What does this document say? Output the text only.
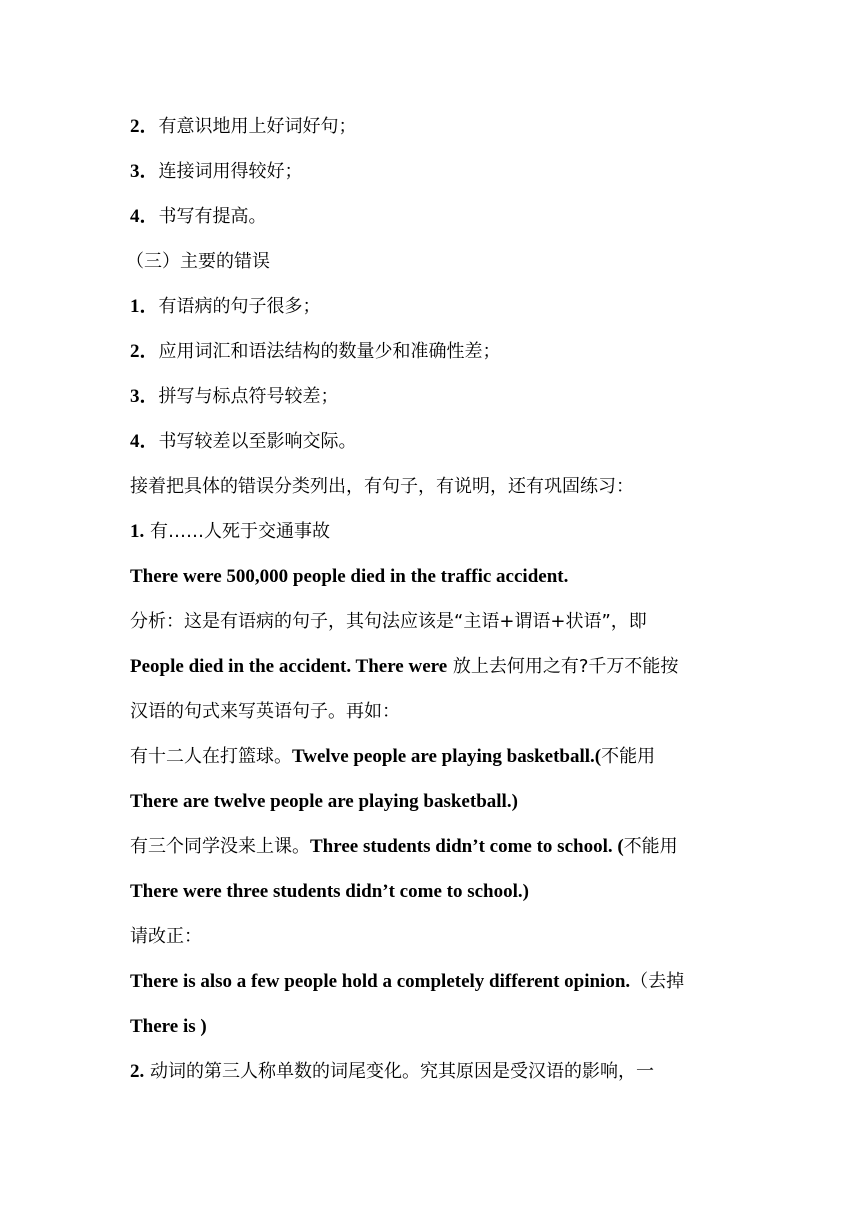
2．有意识地用上好词好句；
3．连接词用得较好；
4．书写有提高。
（三）主要的错误
1．有语病的句子很多；
2．应用词汇和语法结构的数量少和准确性差；
3．拼写与标点符号较差；
4．书写较差以至影响交际。
接着把具体的错误分类列出，有句子，有说明，还有巩固练习：
1. 有……人死于交通事故
There were 500,000 people died in the traffic accident.
分析：这是有语病的句子，其句法应该是“主语+谓语+状语”，即
People died in the accident. There were 放上去何用之有?千万不能按
汉语的句式来写英语句子。再如：
有十二人在打篮球。Twelve people are playing basketball.(不能用
There are twelve people are playing basketball.)
有三个同学没来上课。Three students didn’t come to school. (不能用
There were three students didn’t come to school.)
请改正：
There is also a few people hold a completely different opinion.（去掉
There is )
2. 动词的第三人称单数的词尾变化。究其原因是受汉语的影响，一
